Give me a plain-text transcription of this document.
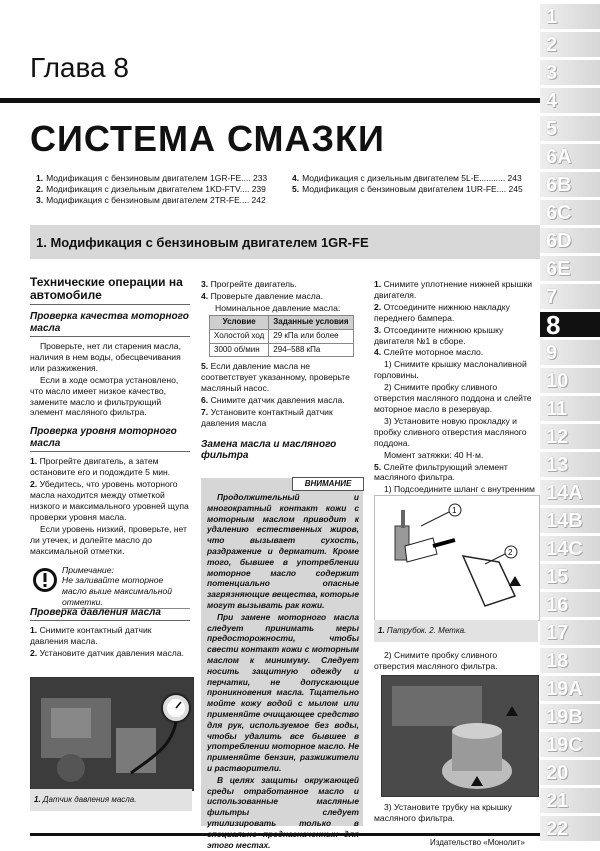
1
2
3
4
5
6A
6B
6C
6D
6E
7
8
9
10
11
12
13
14A
14B
14C
15
16
17
18
19A
19B
19C
20
21
22
Глава 8
СИСТЕМА СМАЗКИ
1. Модификация с бензиновым двигателем 1GR-FE.... 233
2. Модификация с дизельным двигателем 1KD-FTV.... 239
3. Модификация с бензиновым двигателем 2TR-FE.... 242
4. Модификация с дизельным двигателем 5L-E........... 243
5. Модификация с бензиновым двигателем 1UR-FE.... 245
1. Модификация с бензиновым двигателем 1GR-FE
Технические операции на автомобиле
Проверка качества моторного масла

Проверьте, нет ли старения масла, наличия в нем воды, обесцвечивания или разжижения.

Если в ходе осмотра установлено, что масло имеет низкое качество, замените масло и фильтрующий элемент масляного фильтра.

Проверка уровня моторного масла

1. Прогрейте двигатель, а затем остановите его и подождите 5 мин.

2. Убедитесь, что уровень моторного масла находится между отметкой низкого и максимального уровней щупа проверки уровня масла.

Если уровень низкий, проверьте, нет ли утечек, и долейте масло до максимальной отметки.

Примечание:
Не заливайте моторное масло выше максимальной отметки.
Проверка давления масла

1. Снимите контактный датчик давления масла.

2. Установите датчик давления масла.

1. Датчик давления масла.

3. Прогрейте двигатель.

4. Проверьте давление масла.

Номинальное давление масла:

Условие	Заданные условия
Холостой ход	29 кПа или более
3000 об/мин	294–588 кПа

5. Если давление масла не соответствует указанному, проверьте масляный насос.

6. Снимите датчик давления масла.

7. Установите контактный датчик давления масла

Замена масла и масляного фильтра
ВНИМАНИЕ

Продолжительный и многократный контакт кожи с моторным маслом приводит к удалению естественных жиров, что вызывает сухость, раздражение и дерматит. Кроме того, бывшее в употреблении моторное масло содержит потенциально опасные загрязняющие вещества, которые могут вызывать рак кожи.

При замене моторного масла следует принимать меры предосторожности, чтобы свести контакт кожи с моторным маслом к минимуму. Следует носить защитную одежду и перчатки, не допускающие проникновения масла. Тщательно мойте кожу водой с мылом или применяйте очищающее средство для рук, используемое без воды, чтобы удалить все бывшее в употреблении моторное масло. Не применяйте бензин, разжижители и растворители.

В целях защиты окружающей среды отработанное масло и использованные масляные фильтры следует утилизировать только в этого местах.

1. Снимите уплотнение нижней крышки двигателя.

2. Отсоедините нижнюю накладку переднего бампера.

3. Отсоедините нижнюю крышку двигателя №1 в сборе.

4. Слейте моторное масло.

1) Снимите крышку маслоналивной горловины.

2) Снимите пробку сливного отверстия масляного поддона и слейте моторное масло в резервуар.

3) Установите новую прокладку и пробку сливного отверстия масляного поддона.

Момент затяжки: 40 Н·м.

5. Слейте фильтрующий элемент масляного фильтра.

1) Подсоедините шланг с внутренним

1
2
1. Патрубок. 2. Метка.

2) Снимите пробку сливного отверстия масляного фильтра.

3) Установите трубку на крышку масляного фильтра.

Издательство «Монолит»
